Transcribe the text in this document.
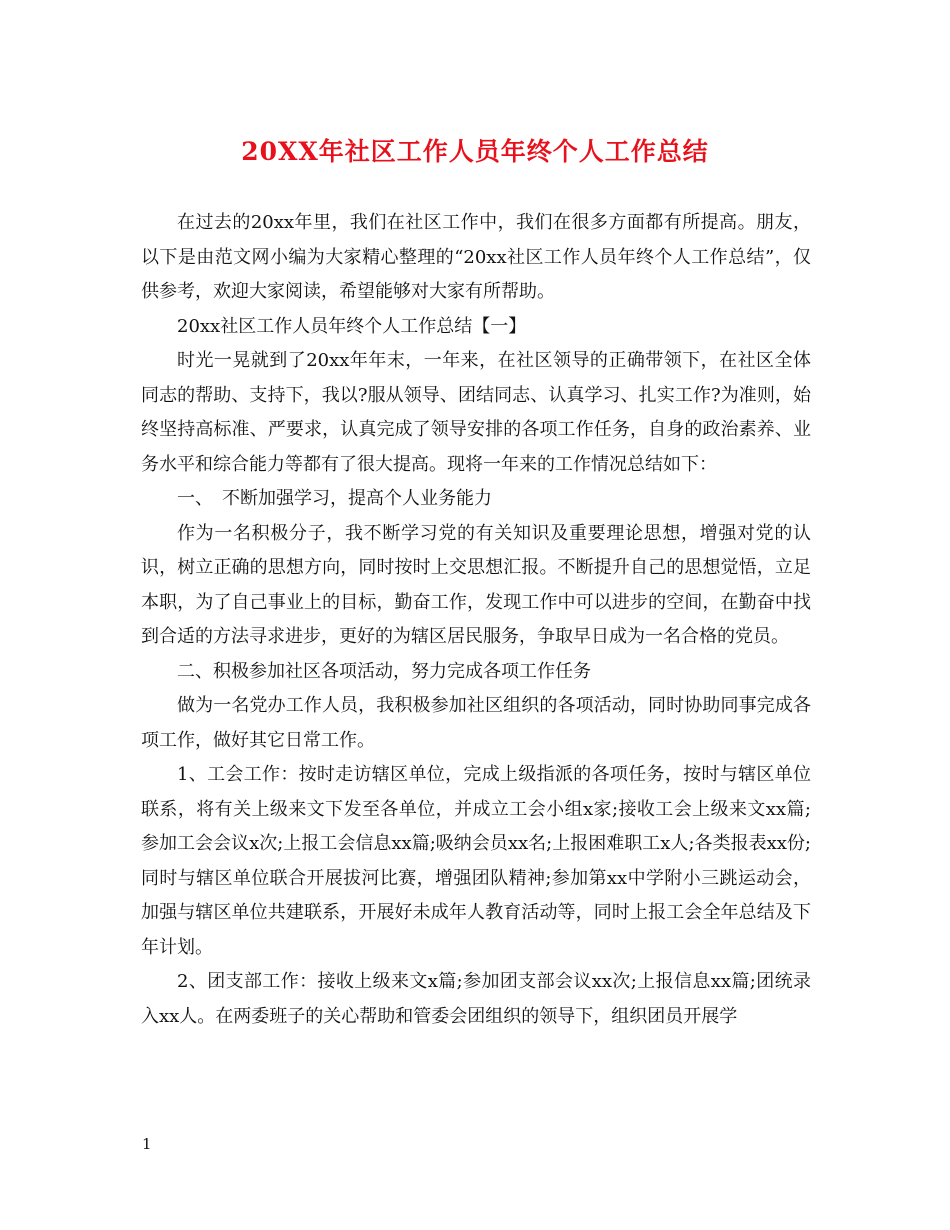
20XX年社区工作人员年终个人工作总结

在过去的20xx年里，我们在社区工作中，我们在很多方面都有所提高。朋友，以下是由范文网小编为大家精心整理的“20xx社区工作人员年终个人工作总结”，仅供参考，欢迎大家阅读，希望能够对大家有所帮助。

20xx社区工作人员年终个人工作总结【一】

时光一晃就到了20xx年年末，一年来，在社区领导的正确带领下，在社区全体同志的帮助、支持下，我以?服从领导、团结同志、认真学习、扎实工作?为准则，始终坚持高标准、严要求，认真完成了领导安排的各项工作任务，自身的政治素养、业务水平和综合能力等都有了很大提高。现将一年来的工作情况总结如下：

一、　不断加强学习，提高个人业务能力

作为一名积极分子，我不断学习党的有关知识及重要理论思想，增强对党的认识，树立正确的思想方向，同时按时上交思想汇报。不断提升自己的思想觉悟，立足本职，为了自己事业上的目标，勤奋工作，发现工作中可以进步的空间，在勤奋中找到合适的方法寻求进步，更好的为辖区居民服务，争取早日成为一名合格的党员。

二、积极参加社区各项活动，努力完成各项工作任务

做为一名党办工作人员，我积极参加社区组织的各项活动，同时协助同事完成各项工作，做好其它日常工作。

1、工会工作：按时走访辖区单位，完成上级指派的各项任务，按时与辖区单位联系，将有关上级来文下发至各单位，并成立工会小组x家;接收工会上级来文xx篇;参加工会会议x次;上报工会信息xx篇;吸纳会员xx名;上报困难职工x人;各类报表xx份;同时与辖区单位联合开展拔河比赛，增强团队精神;参加第xx中学附小三跳运动会，加强与辖区单位共建联系，开展好未成年人教育活动等，同时上报工会全年总结及下年计划。

2、团支部工作：接收上级来文x篇;参加团支部会议xx次;上报信息xx篇;团统录入xx人。在两委班子的关心帮助和管委会团组织的领导下，组织团员开展学

1
